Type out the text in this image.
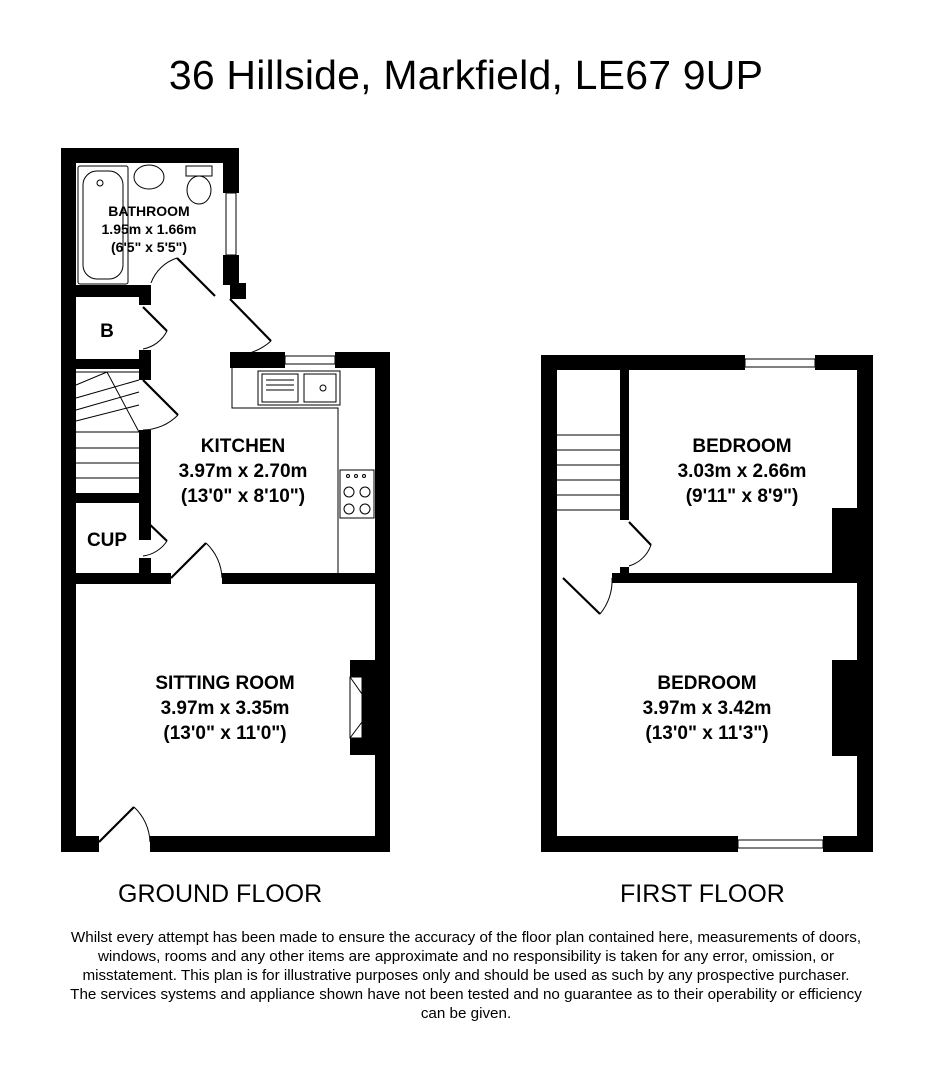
36 Hillside, Markfield, LE67 9UP
BATHROOM
1.95m x 1.66m
(6'5" x 5'5")
B
KITCHEN
3.97m x 2.70m
(13'0" x 8'10")
CUP
SITTING ROOM
3.97m x 3.35m
(13'0" x 11'0")
BEDROOM
3.03m x 2.66m
(9'11" x 8'9")
BEDROOM
3.97m x 3.42m
(13'0" x 11'3")
GROUND FLOOR	FIRST FLOOR
Whilst every attempt has been made to ensure the accuracy of the floor plan contained here, measurements of doors, windows, rooms and any other items are approximate and no responsibility is taken for any error, omission, or misstatement. This plan is for illustrative purposes only and should be used as such by any prospective purchaser. The services systems and appliance shown have not been tested and no guarantee as to their operability or efficiency can be given.
